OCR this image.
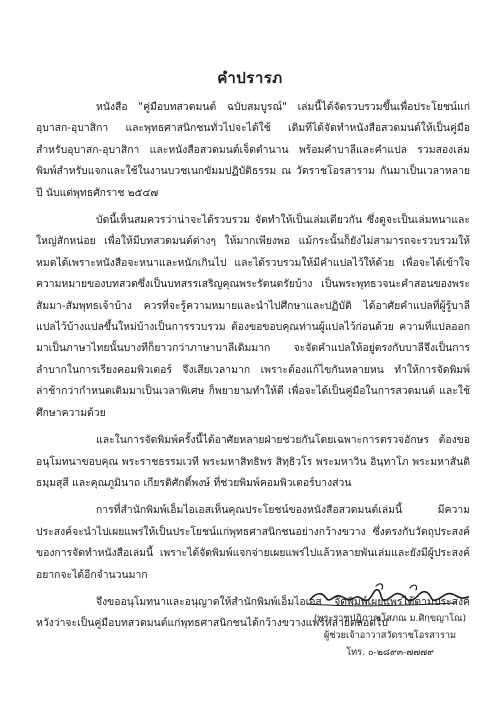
คำปรารภ

หนังสือ "คู่มือบทสวดมนต์ ฉบับสมบูรณ์" เล่มนี้ได้จัดรวบรวมขึ้นเพื่อประโยชน์แก่อุบาสก-อุบาสิกา และพุทธศาสนิกชนทั่วไปจะได้ใช้ เดิมทีได้จัดทำหนังสือสวดมนต์ให้เป็นคู่มือสำหรับอุบาสก-อุบาสิกา และหนังสือสวดมนต์เจ็ดตำนาน พร้อมคำบาลีและคำแปล รวมสองเล่ม พิมพ์สำหรับแจกและใช้ในงานบวชเนกขัมมปฏิบัติธรรม ณ วัดราชโอรสาราม กันมาเป็นเวลาหลายปี นับแต่พุทธศักราช ๒๕๔๗

บัดนี้เห็นสมควรว่าน่าจะได้รวบรวม จัดทำให้เป็นเล่มเดียวกัน ซึ่งดูจะเป็นเล่มหนาและใหญ่สักหน่อย เพื่อให้มีบทสวดมนต์ต่างๆ ให้มากเพียงพอ แม้กระนั้นก็ยังไม่สามารถจะรวบรวมให้หมดได้เพราะหนังสือจะหนาและหนักเกินไป และได้รวบรวมให้มีคำแปลไว้ให้ด้วย เพื่อจะได้เข้าใจความหมายของบทสวดซึ่งเป็นบทสรรเสริญคุณพระรัตนตรัยบ้าง เป็นพระพุทธวจนะคำสอนของพระสัมมา-สัมพุทธเจ้าบ้าง ควรที่จะรู้ความหมายและนำไปศึกษาและปฏิบัติ ได้อาศัยคำแปลที่ผู้รู้บาลีแปลไว้บ้างแปลขึ้นใหม่บ้างเป็นการรวบรวม ต้องขอขอบคุณท่านผู้แปลไว้ก่อนด้วย ความที่แปลออกมาเป็นภาษาไทยนั้นบางทีก็ยาวกว่าภาษาบาลีเดิมมาก จะจัดคำแปลให้อยู่ตรงกับบาลีจึงเป็นการลำบากในการเรียงคอมพิวเตอร์ จึงเสียเวลามาก เพราะต้องแก้ไขกันหลายหน ทำให้การจัดพิมพ์ล่าช้ากว่ากำหนดเดิมมาเป็นเวลาพิเศษ ก็พยายามทำให้ดี เพื่อจะได้เป็นคู่มือในการสวดมนต์ และใช้ศึกษาความด้วย

และในการจัดพิมพ์ครั้งนี้ได้อาศัยหลายฝ่ายช่วยกันโดยเฉพาะการตรวจอักษร ต้องขออนุโมทนาขอบคุณ พระราชธรรมเวที พระมหาสิทธิพร สิทฺธิวโร พระมหาวิน อินฺทาโภ พระมหาสันติ ธมฺมสุสี และคุณภูมินาถ เกียรติศักดิ์พงษ์ ที่ช่วยพิมพ์คอมพิวเตอร์บางส่วน

การที่สำนักพิมพ์เอ็มไอเอสเห็นคุณประโยชน์ของหนังสือสวดมนต์เล่มนี้ มีความประสงค์จะนำไปเผยแพร่ให้เป็นประโยชน์แก่พุทธศาสนิกชนอย่างกว้างขวาง ซึ่งตรงกับวัตถุประสงค์ของการจัดทำหนังสือเล่มนี้ เพราะได้จัดพิมพ์แจกจ่ายเผยแพร่ไปแล้วหลายพันเล่มและยังมีผู้ประสงค์อยากจะได้อีกจำนวนมาก

จึงขออนุโมทนาและอนุญาตให้สำนักพิมพ์เอ็มไอเอส จัดพิมพ์เผยแพร่ได้ตามประสงค์ หวังว่าจะเป็นคู่มือบทสวดมนต์แก่พุทธศาสนิกชนได้กว้างขวางแพร่หลายตลอดไป

(พระราชปฏิภาณโสภณ ม.ศิกฺขญาโณ)
ผู้ช่วยเจ้าอาวาสวัดราชโอรสาราม
โทร. ๐-๒๘๙๓-๗๗๗๙
